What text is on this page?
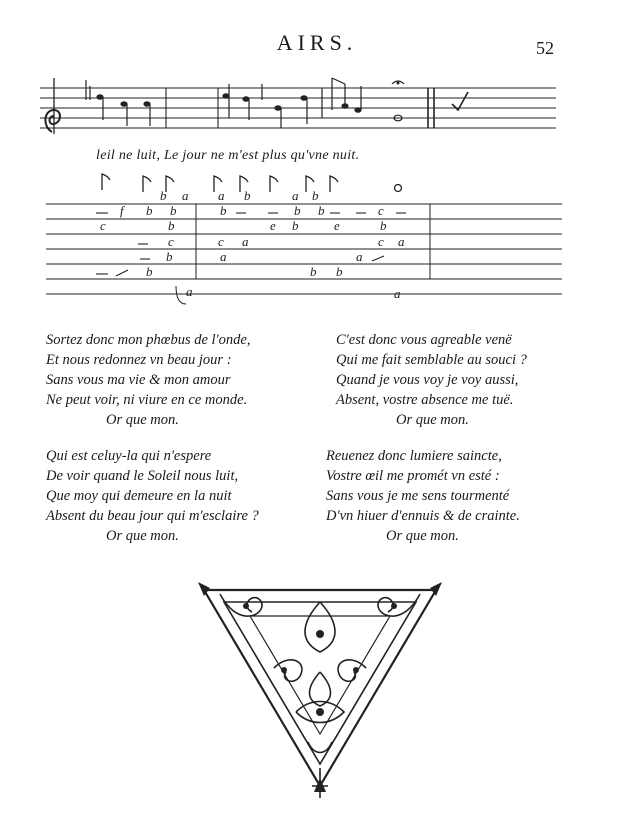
AIRS.	52
leil ne luit, Le jour ne m'est plus qu'vne nuit.
b a a b	a b
f b b	b	b b	c
c	b	e b	e	b
c	c a	c a
b	a	a
b	b b
a	a
Sortez donc mon phœbus de l'onde,
Et nous redonnez vn beau jour :
Sans vous ma vie & mon amour
Ne peut voir, ni viure en ce monde.
Or que mon.
Qui est celuy-la qui n'espere
De voir quand le Soleil nous luit,
Que moy qui demeure en la nuit
Absent du beau jour qui m'esclaire ?
Or que mon.
C'est donc vous agreable venë
Qui me fait semblable au souci ?
Quand je vous voy je voy aussi,
Absent, vostre absence me tuë.
Or que mon.
Reuenez donc lumiere saincte,
Vostre œil me promét vn esté :
Sans vous je me sens tourmenté
D'vn hiuer d'ennuis & de crainte.
Or que mon.
